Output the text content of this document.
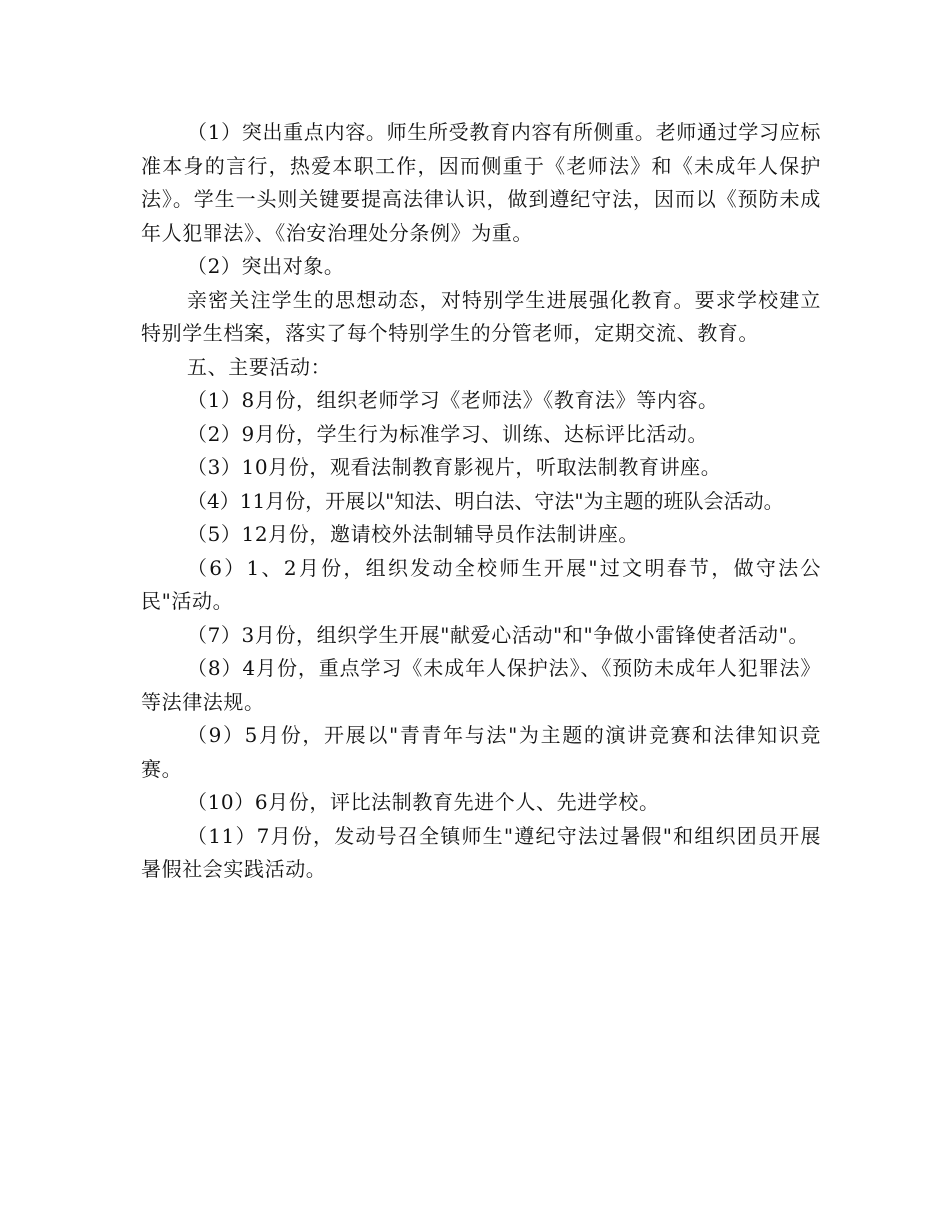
（1）突出重点内容。师生所受教育内容有所侧重。老师通过学习应标准本身的言行，热爱本职工作，因而侧重于《老师法》和《未成年人保护法》。学生一头则关键要提高法律认识，做到遵纪守法，因而以《预防未成年人犯罪法》、《治安治理处分条例》为重。

（2）突出对象。

亲密关注学生的思想动态，对特别学生进展强化教育。要求学校建立特别学生档案，落实了每个特别学生的分管老师，定期交流、教育。

五、主要活动：

（1）8月份，组织老师学习《老师法》《教育法》等内容。

（2）9月份，学生行为标准学习、训练、达标评比活动。

（3）10月份，观看法制教育影视片，听取法制教育讲座。

（4）11月份，开展以"知法、明白法、守法"为主题的班队会活动。

（5）12月份，邀请校外法制辅导员作法制讲座。

（6）1、2月份，组织发动全校师生开展"过文明春节，做守法公民"活动。

（7）3月份，组织学生开展"献爱心活动"和"争做小雷锋使者活动"。

（8）4月份，重点学习《未成年人保护法》、《预防未成年人犯罪法》等法律法规。

（9）5月份，开展以"青青年与法"为主题的演讲竞赛和法律知识竞赛。

（10）6月份，评比法制教育先进个人、先进学校。

（11）7月份，发动号召全镇师生"遵纪守法过暑假"和组织团员开展暑假社会实践活动。
